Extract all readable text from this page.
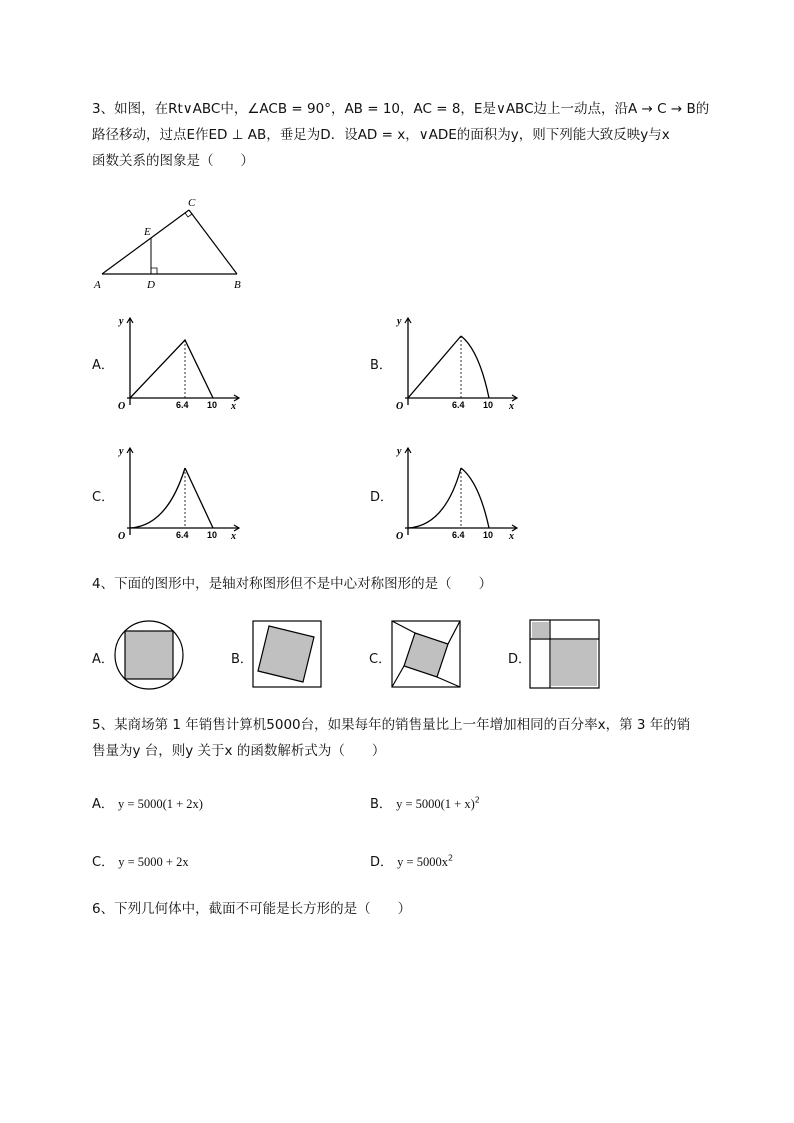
3、如图，在Rt∨ABC中，∠ACB = 90°，AB = 10，AC = 8，E是∨ABC边上一动点，沿A → C → B的
路径移动，过点E作ED ⊥ AB，垂足为D．设AD = x，∨ADE的面积为y，则下列能大致反映y与x
函数关系的图象是（　　）
A	D	B
C
E
A．
y
x
O	6.4 10
B．
y
x
O	6.4 10
C．
y
x
O	6.4 10
D．
y
x
O	6.4 10
4、下面的图形中，是轴对称图形但不是中心对称图形的是（　　）
A．	B．	C．	D．
5、某商场第 1 年销售计算机5000台，如果每年的销售量比上一年增加相同的百分率x，第 3 年的销
售量为y 台，则y 关于x 的函数解析式为（　　）
A． y = 5000(1 + 2x)	B． $y = 5000(1 + x)^2$
C． y = 5000 + 2x	D． $y = 5000x^2$
6、下列几何体中，截面不可能是长方形的是（　　）
